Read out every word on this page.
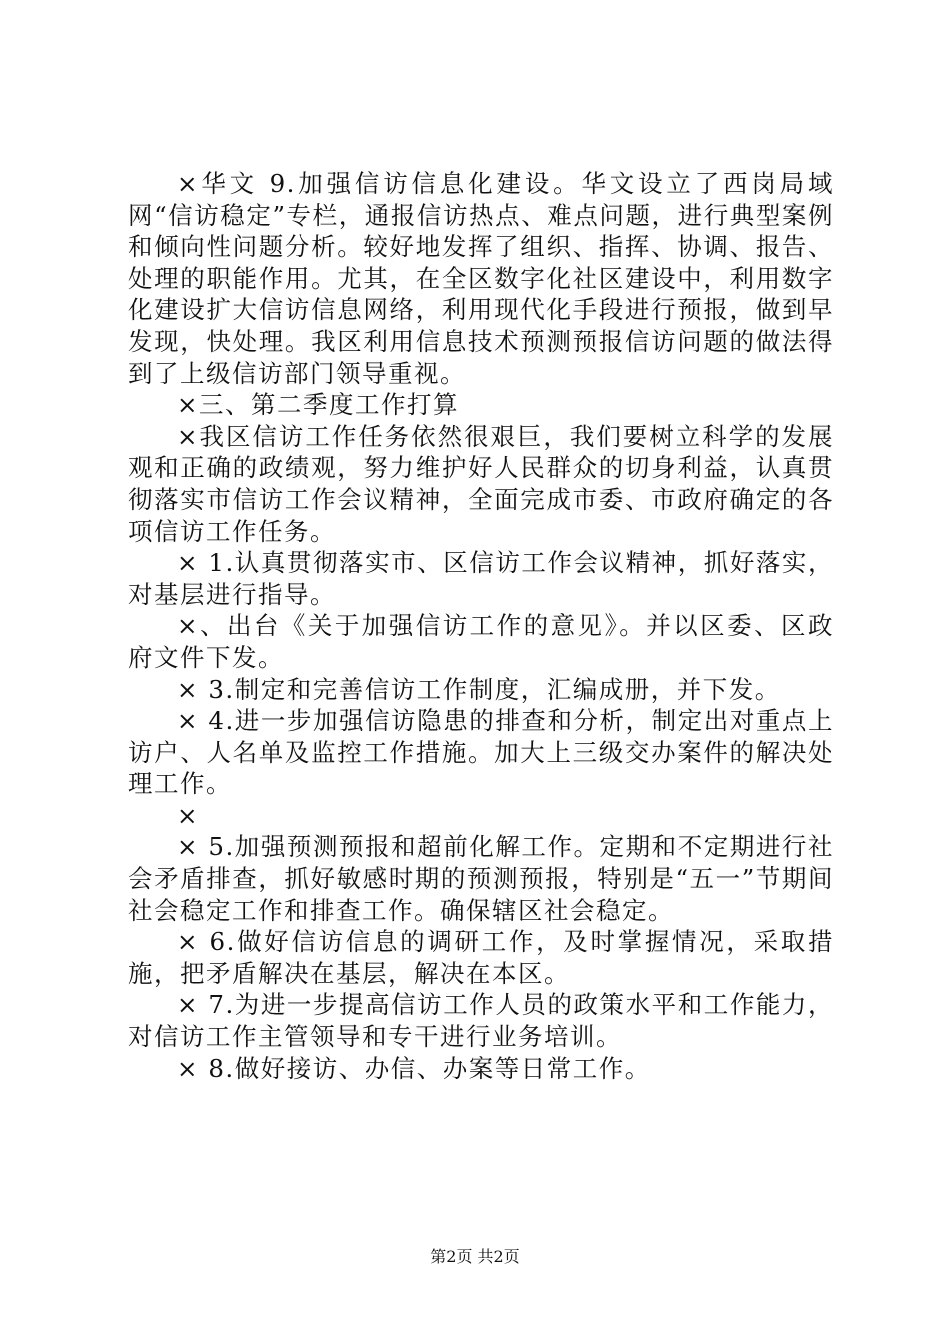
×华文 9.加强信访信息化建设。华文设立了西岗局域网“信访稳定”专栏，通报信访热点、难点问题，进行典型案例和倾向性问题分析。较好地发挥了组织、指挥、协调、报告、处理的职能作用。尤其，在全区数字化社区建设中，利用数字化建设扩大信访信息网络，利用现代化手段进行预报，做到早发现，快处理。我区利用信息技术预测预报信访问题的做法得到了上级信访部门领导重视。

×三、第二季度工作打算

×我区信访工作任务依然很艰巨，我们要树立科学的发展观和正确的政绩观，努力维护好人民群众的切身利益，认真贯彻落实市信访工作会议精神，全面完成市委、市政府确定的各项信访工作任务。

× 1.认真贯彻落实市、区信访工作会议精神，抓好落实，对基层进行指导。

×、出台《关于加强信访工作的意见》。并以区委、区政府文件下发。

× 3.制定和完善信访工作制度，汇编成册，并下发。

× 4.进一步加强信访隐患的排查和分析，制定出对重点上访户、人名单及监控工作措施。加大上三级交办案件的解决处理工作。

×

× 5.加强预测预报和超前化解工作。定期和不定期进行社会矛盾排查，抓好敏感时期的预测预报，特别是“五一”节期间社会稳定工作和排查工作。确保辖区社会稳定。

× 6.做好信访信息的调研工作，及时掌握情况，采取措施，把矛盾解决在基层，解决在本区。

× 7.为进一步提高信访工作人员的政策水平和工作能力，对信访工作主管领导和专干进行业务培训。

× 8.做好接访、办信、办案等日常工作。

第2页 共2页
